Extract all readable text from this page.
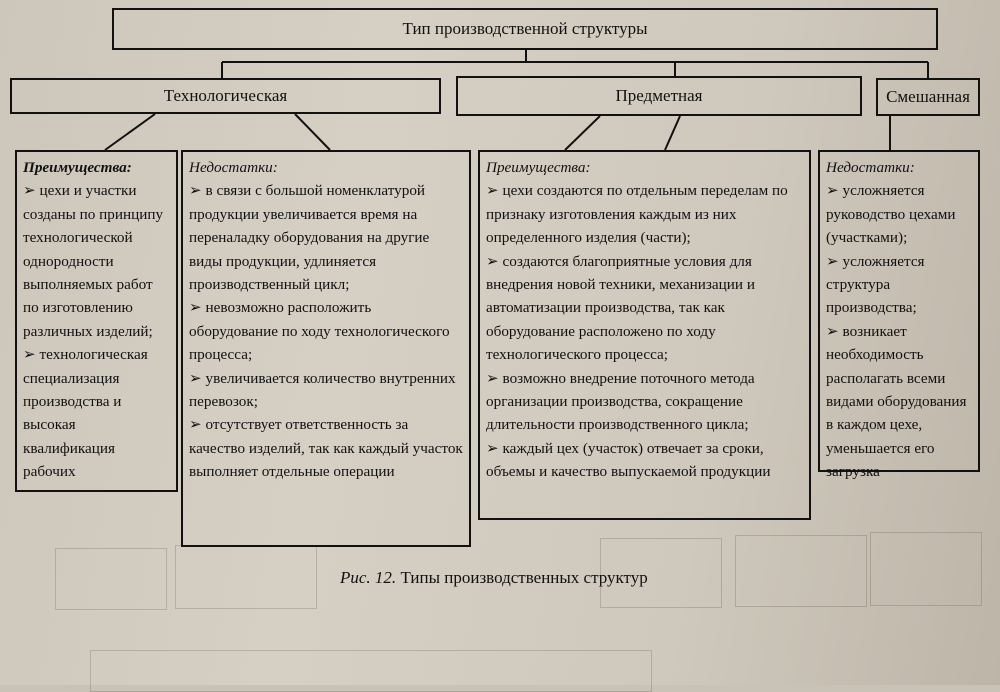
Тип производственной структуры
Технологическая	Предметная	Смешанная
Преимущества:
➢ цехи и участки созданы по принципу технологической однородности выполняемых работ по изготовлению различных изделий;
➢ технологическая специализация производства и высокая квалификация рабочих
Недостатки:
➢ в связи с большой номенклатурой продукции увеличивается время на переналадку оборудования на другие виды продукции, удлиняется производственный цикл;
➢ невозможно расположить оборудование по ходу технологического процесса;
➢ увеличивается количество внутренних перевозок;
➢ отсутствует ответственность за качество изделий, так как каждый участок выполняет отдельные операции
Преимущества:
➢ цехи создаются по отдельным переделам по признаку изготовления каждым из них определенного изделия (части);
➢ создаются благоприятные условия для внедрения новой техники, механизации и автоматизации производства, так как оборудование расположено по ходу технологического процесса;
➢ возможно внедрение поточного метода организации производства, сокращение длительности производственного цикла;
➢ каждый цех (участок) отвечает за сроки, объемы и качество выпускаемой продукции
Недостатки:
➢ усложняется руководство цехами (участками);
➢ усложняется структура производства;
➢ возникает необходимость располагать всеми видами оборудования в каждом цехе, уменьшается его загрузка
Рис. 12. Типы производственных структур
